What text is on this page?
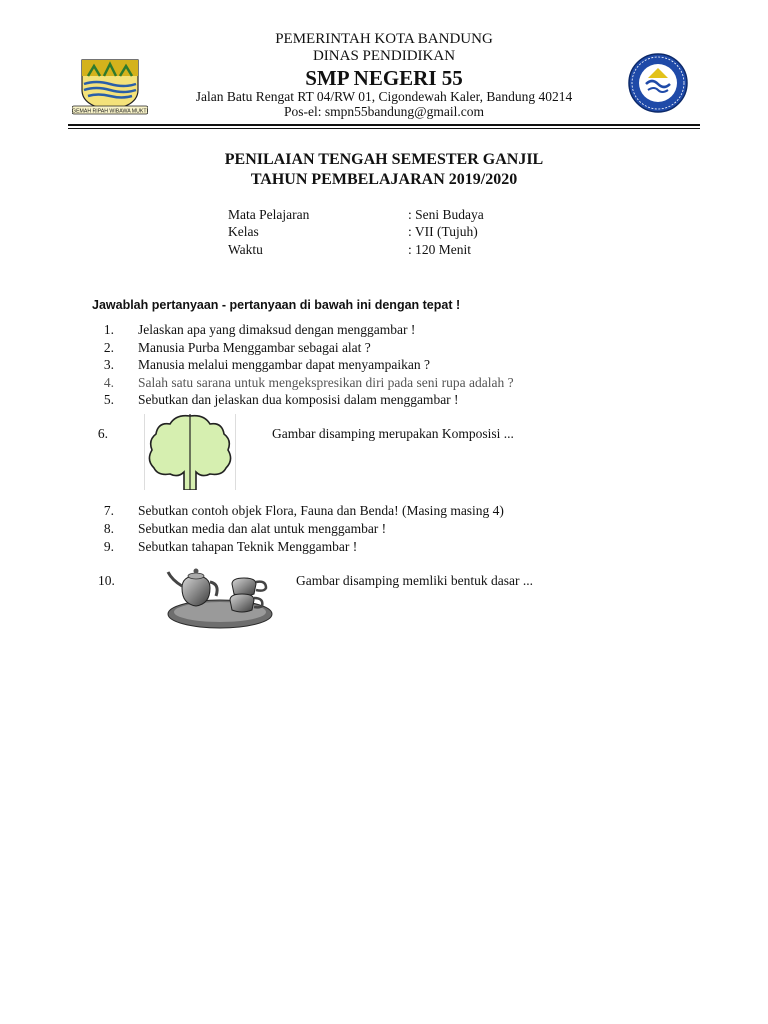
GEMAH RIPAH WIBAWA MUKTI
PEMERINTAH KOTA BANDUNG
DINAS PENDIDIKAN
SMP NEGERI 55
Jalan Batu Rengat RT 04/RW 01, Cigondewah Kaler, Bandung 40214
Pos-el: smpn55bandung@gmail.com
PENILAIAN TENGAH SEMESTER GANJIL
TAHUN PEMBELAJARAN 2019/2020
Mata Pelajaran	: Seni Budaya
Kelas	: VII (Tujuh)
Waktu	: 120 Menit
Jawablah pertanyaan - pertanyaan di bawah ini dengan tepat !
1. Jelaskan apa yang dimaksud dengan menggambar !
2. Manusia Purba Menggambar sebagai alat ?
3. Manusia melalui menggambar dapat menyampaikan ?
4. Salah satu sarana untuk mengekspresikan diri pada seni rupa adalah ?
5. Sebutkan dan jelaskan dua komposisi dalam menggambar !
6.	Gambar disamping merupakan Komposisi ...
7. Sebutkan contoh objek Flora, Fauna dan Benda! (Masing masing 4)
8. Sebutkan media dan alat untuk menggambar !
9. Sebutkan tahapan Teknik Menggambar !
10.	Gambar disamping memliki bentuk dasar ...
